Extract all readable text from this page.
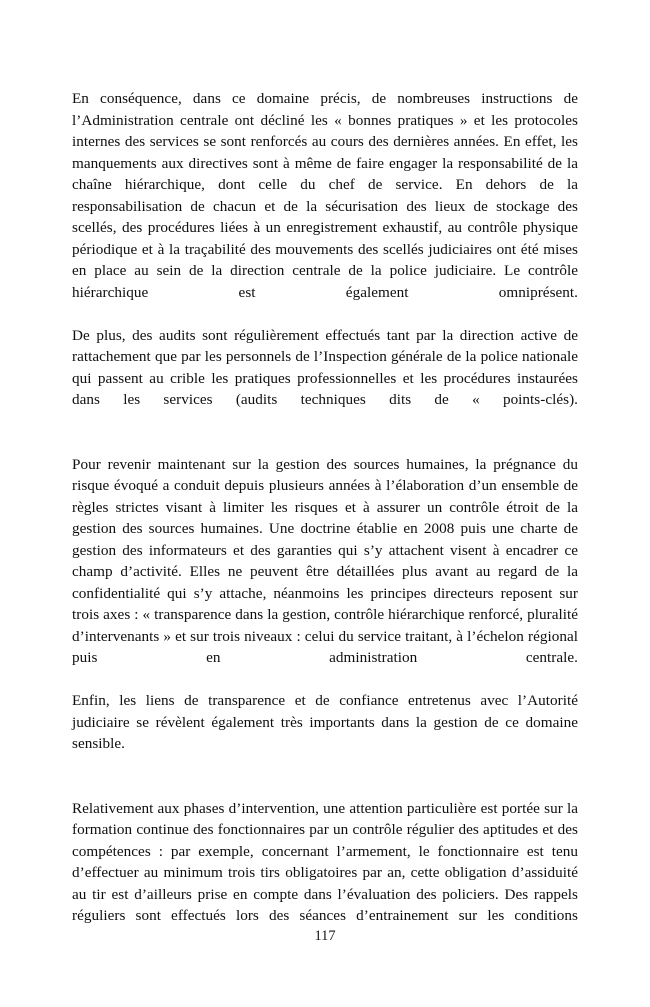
En conséquence, dans ce domaine précis, de nombreuses instructions de l’Administration centrale ont décliné les « bonnes pratiques » et les protocoles internes des services se sont renforcés au cours des dernières années. En effet, les manquements aux directives sont à même de faire engager la responsabilité de la chaîne hiérarchique, dont celle du chef de service. En dehors de la responsabilisation de chacun et de la sécurisation des lieux de stockage des scellés, des procédures liées à un enregistrement exhaustif, au contrôle physique périodique et à la traçabilité des mouvements des scellés judiciaires ont été mises en place au sein de la direction centrale de la police judiciaire. Le contrôle hiérarchique est également omniprésent.
De plus, des audits sont régulièrement effectués tant par la direction active de rattachement que par les personnels de l’Inspection générale de la police nationale qui passent au crible les pratiques professionnelles et les procédures instaurées dans les services (audits techniques dits de « points-clés).
Pour revenir maintenant sur la gestion des sources humaines, la prégnance du risque évoqué a conduit depuis plusieurs années à l’élaboration d’un ensemble de règles strictes visant à limiter les risques et à assurer un contrôle étroit de la gestion des sources humaines. Une doctrine établie en 2008 puis une charte de gestion des informateurs et des garanties qui s’y attachent visent à encadrer ce champ d’activité. Elles ne peuvent être détaillées plus avant au regard de la confidentialité qui s’y attache, néanmoins les principes directeurs reposent sur trois axes : « transparence dans la gestion, contrôle hiérarchique renforcé, pluralité d’intervenants » et sur trois niveaux : celui du service traitant, à l’échelon régional puis en administration centrale.
Enfin, les liens de transparence et de confiance entretenus avec l’Autorité judiciaire se révèlent également très importants dans la gestion de ce domaine sensible.
Relativement aux phases d’intervention, une attention particulière est portée sur la formation continue des fonctionnaires par un contrôle régulier des aptitudes et des compétences : par exemple, concernant l’armement, le fonctionnaire est tenu d’effectuer au minimum trois tirs obligatoires par an, cette obligation d’assiduité au tir est d’ailleurs prise en compte dans l’évaluation des policiers. Des rappels réguliers sont effectués lors des séances d’entrainement sur les conditions
117
